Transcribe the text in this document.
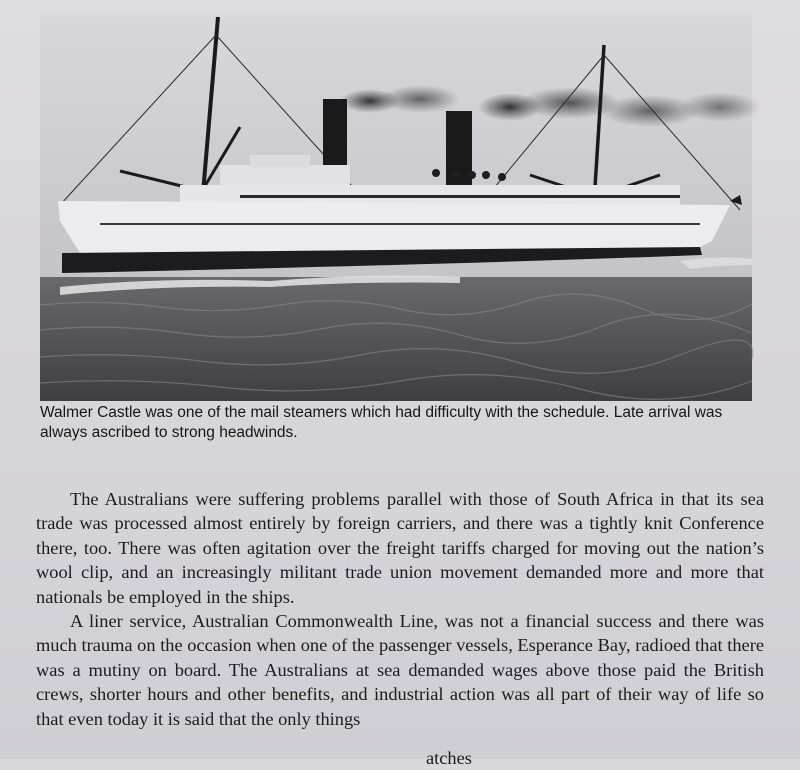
Walmer Castle was one of the mail steamers which had difficulty with the schedule. Late arrival was always ascribed to strong headwinds.

The Australians were suffering problems parallel with those of South Africa in that its sea trade was processed almost entirely by foreign carriers, and there was a tightly knit Conference there, too. There was often agitation over the freight tariffs charged for moving out the nation’s wool clip, and an increasingly militant trade union movement demanded more and more that nationals be employed in the ships.

A liner service, Australian Commonwealth Line, was not a financial success and there was much trauma on the occasion when one of the passenger vessels, Esperance Bay, radioed that there was a mutiny on board. The Australians at sea demanded wages above those paid the British crews, shorter hours and other benefits, and industrial action was all part of their way of life so that even today it is said that the only things

atches
